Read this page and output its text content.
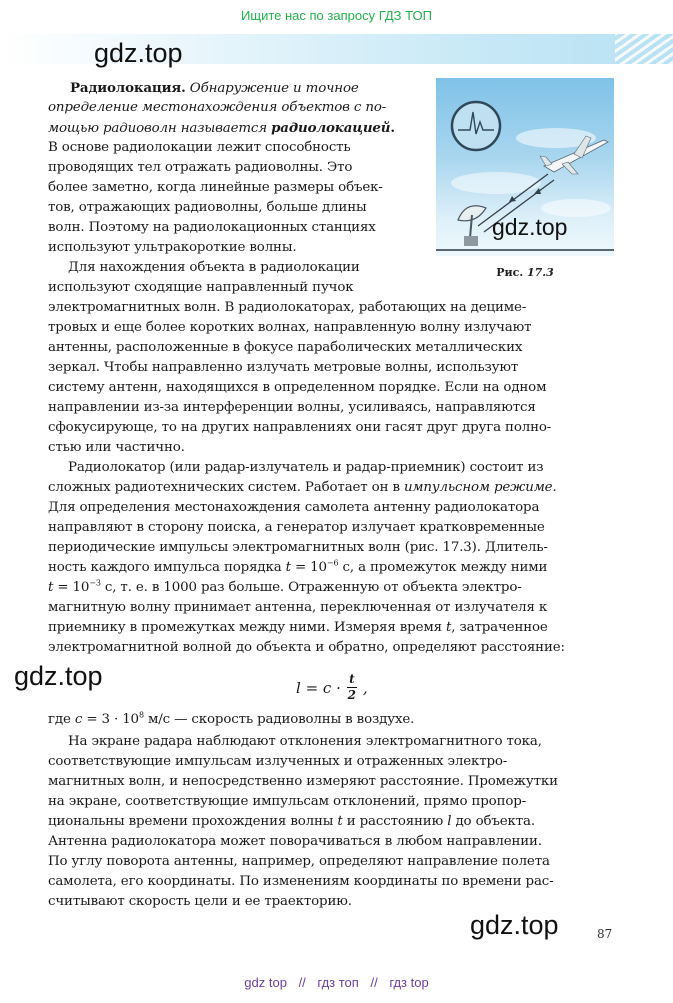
Ищите нас по запросу ГДЗ ТОП
gdz.top
gdz.top
Рис. 17.3
Радиолокация. Обнаружение и точное
определение местонахождения объектов с по-
мощью радиоволн называется радиолокацией.
В основе радиолокации лежит способность
проводящих тел отражать радиоволны. Это
более заметно, когда линейные размеры объек-
тов, отражающих радиоволны, больше длины
волн. Поэтому на радиолокационных станциях
используют ультракороткие волны.
Для нахождения объекта в радиолокации
используют сходящие направленный пучок
электромагнитных волн. В радиолокаторах, работающих на децимe-
тровых и еще более коротких волнах, направленную волну излучают
антенны, расположенные в фокусе параболических металлических
зеркал. Чтобы направленно излучать метровые волны, используют
систему антенн, находящихся в определенном порядке. Если на одном
направлении из-за интерференции волны, усиливаясь, направляются
сфокусирующе, то на других направлениях они гасят друг друга полно-
стью или частично.
Радиолокатор (или радар-излучатель и радар-приемник) состоит из
сложных радиотехнических систем. Работает он в импульсном режиме.
Для определения местонахождения самолета антенну радиолокатора
направляют в сторону поиска, а генератор излучает кратковременные
периодические импульсы электромагнитных волн (рис. 17.3). Длитель-
ность каждого импульса порядка $t = 10^{-6}$ с, а промежуток между ними
$t = 10^{-3}$ с, т. е. в 1000 раз больше. Отраженную от объекта электро-
магнитную волну принимает антенна, переключенная от излучателя к
приемнику в промежутках между ними. Измеряя время t, затраченное
электромагнитной волной до объекта и обратно, определяют расстояние:
gdz.top	$l = c \cdot \frac{t}{2}$ ,
где $c = 3 \cdot 10^8$ м/с — скорость радиоволны в воздухе.
На экране радара наблюдают отклонения электромагнитного тока,
соответствующие импульсам излученных и отраженных электро-
магнитных волн, и непосредственно измеряют расстояние. Промежутки
на экране, соответствующие импульсам отклонений, прямо пропор-
циональны времени прохождения волны t и расстоянию l до объекта.
Антенна радиолокатора может поворачиваться в любом направлении.
По углу поворота антенны, например, определяют направление полета
самолета, его координаты. По изменениям координаты по времени рас-
считывают скорость цели и ее траекторию.
gdz.top	87
gdz top // гдз топ // гдз top
